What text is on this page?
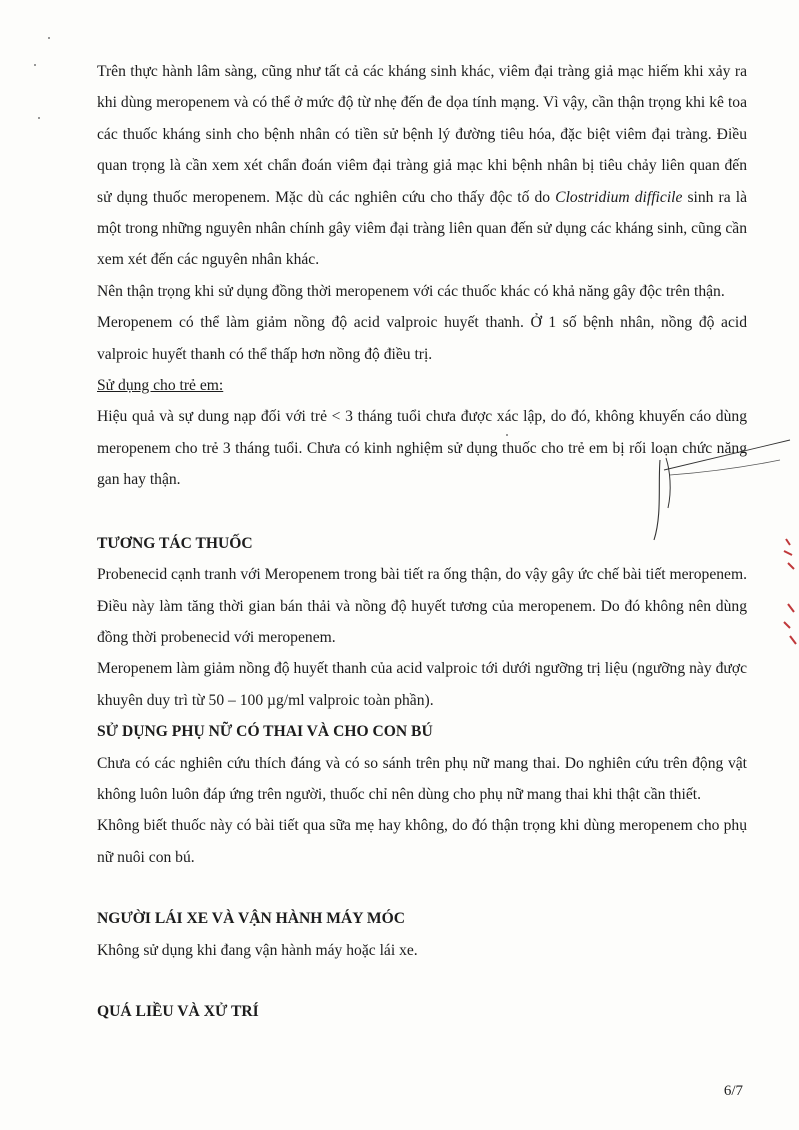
Trên thực hành lâm sàng, cũng như tất cả các kháng sinh khác, viêm đại tràng giả mạc hiếm khi xảy ra khi dùng meropenem và có thể ở mức độ từ nhẹ đến đe dọa tính mạng. Vì vậy, cần thận trọng khi kê toa các thuốc kháng sinh cho bệnh nhân có tiền sử bệnh lý đường tiêu hóa, đặc biệt viêm đại tràng. Điều quan trọng là cần xem xét chẩn đoán viêm đại tràng giả mạc khi bệnh nhân bị tiêu chảy liên quan đến sử dụng thuốc meropenem. Mặc dù các nghiên cứu cho thấy độc tố do Clostridium difficile sinh ra là một trong những nguyên nhân chính gây viêm đại tràng liên quan đến sử dụng các kháng sinh, cũng cần xem xét đến các nguyên nhân khác.

Nên thận trọng khi sử dụng đồng thời meropenem với các thuốc khác có khả năng gây độc trên thận.

Meropenem có thể làm giảm nồng độ acid valproic huyết thanh. Ở 1 số bệnh nhân, nồng độ acid valproic huyết thanh có thể thấp hơn nồng độ điều trị.

Sử dụng cho trẻ em:

Hiệu quả và sự dung nạp đối với trẻ < 3 tháng tuổi chưa được xác lập, do đó, không khuyến cáo dùng meropenem cho trẻ 3 tháng tuổi. Chưa có kinh nghiệm sử dụng thuốc cho trẻ em bị rối loạn chức năng gan hay thận.

TƯƠNG TÁC THUỐC

Probenecid cạnh tranh với Meropenem trong bài tiết ra ống thận, do vậy gây ức chế bài tiết meropenem. Điều này làm tăng thời gian bán thải và nồng độ huyết tương của meropenem. Do đó không nên dùng đồng thời probenecid với meropenem.

Meropenem làm giảm nồng độ huyết thanh của acid valproic tới dưới ngưỡng trị liệu (ngưỡng này được khuyên duy trì từ 50 – 100 µg/ml valproic toàn phần).

SỬ DỤNG PHỤ NỮ CÓ THAI VÀ CHO CON BÚ

Chưa có các nghiên cứu thích đáng và có so sánh trên phụ nữ mang thai. Do nghiên cứu trên động vật không luôn luôn đáp ứng trên người, thuốc chỉ nên dùng cho phụ nữ mang thai khi thật cần thiết.

Không biết thuốc này có bài tiết qua sữa mẹ hay không, do đó thận trọng khi dùng meropenem cho phụ nữ nuôi con bú.

NGƯỜI LÁI XE VÀ VẬN HÀNH MÁY MÓC

Không sử dụng khi đang vận hành máy hoặc lái xe.

QUÁ LIỀU VÀ XỬ TRÍ

6/7
